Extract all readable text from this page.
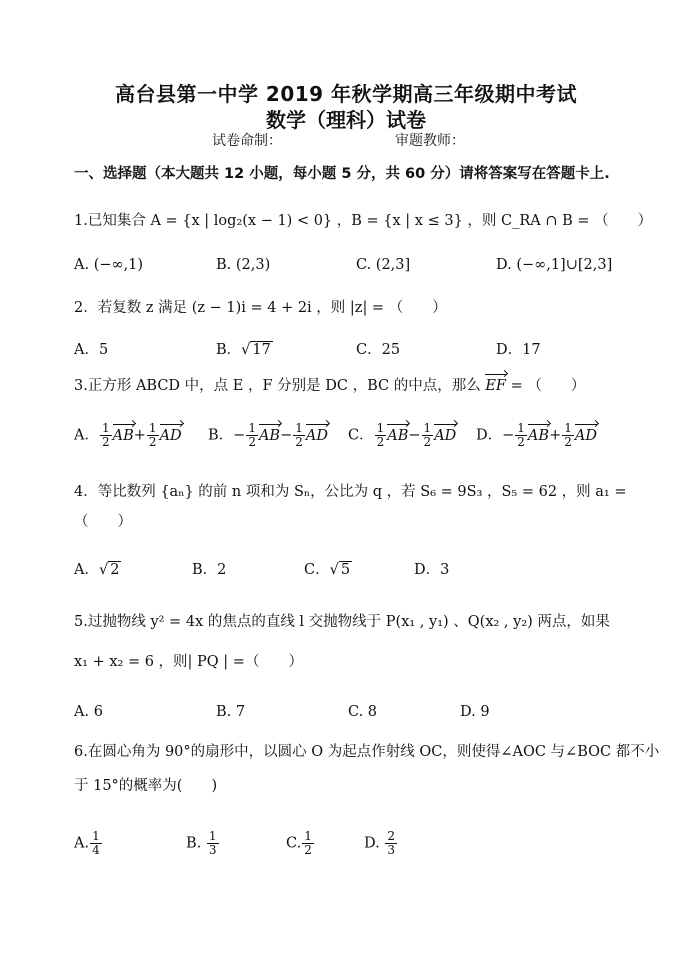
高台县第一中学 2019 年秋学期高三年级期中考试
数学（理科）试卷
试卷命制：	审题教师：
一、选择题（本大题共 12 小题，每小题 5 分，共 60 分）请将答案写在答题卡上.
1.已知集合 A = {x | log₂(x − 1) < 0} ，B = {x | x ≤ 3} ，则 C_RA ∩ B = （　　）
A. (−∞,1)	B. (2,3)	C. (2,3]	D. (−∞,1]∪[2,3]
2．若复数 z 满足 (z − 1)i = 4 + 2i ，则 |z| = （　　）
A．5	B．√ 17	C．25	D．17
3.正方形 ABCD 中，点 E ，F 分别是 DC ，BC 的中点，那么 EF = （　　）
A． $\frac{1}{2} AB+ \frac{1}{2}$ AD B．− $\frac{1}{2} AB- \frac{1}{2}$ AD C． $\frac{1}{2} AB- \frac{1}{2}$ AD D．− $\frac{1}{2} AB+ \frac{1}{2}$ AD
4．等比数列 {aₙ} 的前 n 项和为 Sₙ，公比为 q ，若 S₆ = 9S₃ ，S₅ = 62 ，则 a₁ =
（　　）
A．√ 2	B．2	C．√ 5	D．3
5.过抛物线 y² = 4x 的焦点的直线 l 交抛物线于 P(x₁ , y₁) 、Q(x₂ , y₂) 两点，如果
x₁ + x₂ = 6 ，则| PQ | =（　　）
A. 6	B. 7	C. 8	D. 9
6.在圆心角为 90°的扇形中，以圆心 O 为起点作射线 OC，则使得∠AOC 与∠BOC 都不小
于 15°的概率为(　　)
A. $\frac{1}{4}$	B. $\frac{1}{3}$	C. $\frac{1}{2}$	D. $\frac{2}{3}$
